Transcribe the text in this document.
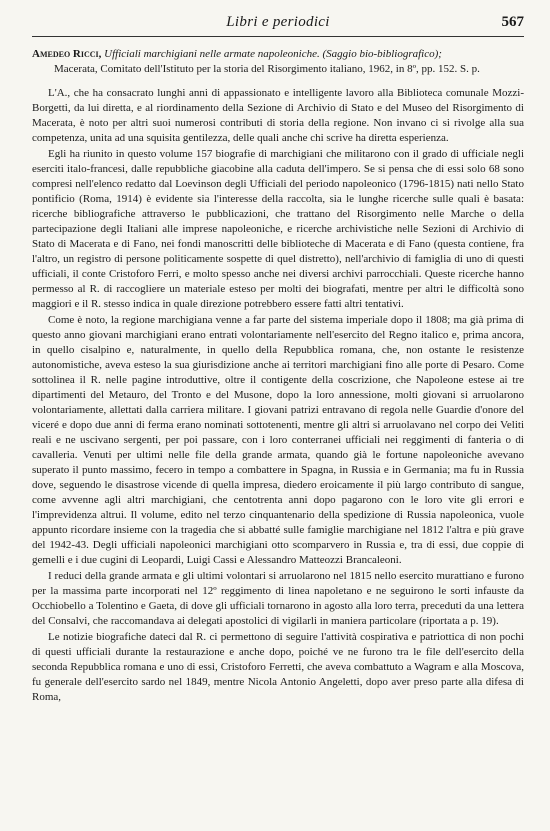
Libri e periodici	567
Amedeo Ricci, Ufficiali marchigiani nelle armate napoleoniche. (Saggio bio-bibliografico);
Macerata, Comitato dell'Istituto per la storia del Risorgimento italiano, 1962, in 8º, pp. 152. S. p.

L'A., che ha consacrato lunghi anni di appassionato e intelligente lavoro alla Biblioteca comunale Mozzi-Borgetti, da lui diretta, e al riordinamento della Sezione di Archivio di Stato e del Museo del Risorgimento di Macerata, è noto per altri suoi numerosi contributi di storia della regione. Non invano ci si rivolge alla sua competenza, unita ad una squisita gentilezza, delle quali anche chi scrive ha diretta esperienza.

Egli ha riunito in questo volume 157 biografie di marchigiani che militarono con il grado di ufficiale negli eserciti italo-francesi, dalle repubbliche giacobine alla caduta dell'impero. Se si pensa che di essi solo 68 sono compresi nell'elenco redatto dal Loevinson degli Ufficiali del periodo napoleonico (1796-1815) nati nello Stato pontificio (Roma, 1914) è evidente sia l'interesse della raccolta, sia le lunghe ricerche sulle quali è basata: ricerche bibliografiche attraverso le pubblicazioni, che trattano del Risorgimento nelle Marche o della partecipazione degli Italiani alle imprese napoleoniche, e ricerche archivistiche nelle Sezioni di Archivio di Stato di Macerata e di Fano, nei fondi manoscritti delle biblioteche di Macerata e di Fano (questa contiene, fra l'altro, un registro di persone politicamente sospette di quel distretto), nell'archivio di famiglia di uno di questi ufficiali, il conte Cristoforo Ferri, e molto spesso anche nei diversi archivi parrocchiali. Queste ricerche hanno permesso al R. di raccogliere un materiale esteso per molti dei biografati, mentre per altri le difficoltà sono maggiori e il R. stesso indica in quale direzione potrebbero essere fatti altri tentativi.

Come è noto, la regione marchigiana venne a far parte del sistema imperiale dopo il 1808; ma già prima di questo anno giovani marchigiani erano entrati volontariamente nell'esercito del Regno italico e, prima ancora, in quello cisalpino e, naturalmente, in quello della Repubblica romana, che, non ostante le resistenze autonomistiche, aveva esteso la sua giurisdizione anche ai territori marchigiani fino alle porte di Pesaro. Come sottolinea il R. nelle pagine introduttive, oltre il contigente della coscrizione, che Napoleone estese ai tre dipartimenti del Metauro, del Tronto e del Musone, dopo la loro annessione, molti giovani si arruolarono volontariamente, allettati dalla carriera militare. I giovani patrizi entravano di regola nelle Guardie d'onore del viceré e dopo due anni di ferma erano nominati sottotenenti, mentre gli altri si arruolavano nel corpo dei Veliti reali e ne uscivano sergenti, per poi passare, con i loro conterranei ufficiali nei reggimenti di fanteria o di cavalleria. Venuti per ultimi nelle file della grande armata, quando già le fortune napoleoniche avevano superato il punto massimo, fecero in tempo a combattere in Spagna, in Russia e in Germania; ma fu in Russia dove, seguendo le disastrose vicende di quella impresa, diedero eroicamente il più largo contributo di sangue, come avvenne agli altri marchigiani, che centotrenta anni dopo pagarono con le loro vite gli errori e l'imprevidenza altrui. Il volume, edito nel terzo cinquantenario della spedizione di Russia napoleonica, vuole appunto ricordare insieme con la tragedia che si abbatté sulle famiglie marchigiane nel 1812 l'altra e più grave del 1942-43. Degli ufficiali napoleonici marchigiani otto scomparvero in Russia e, tra di essi, due coppie di gemelli e i due cugini di Leopardi, Luigi Cassi e Alessandro Matteozzi Brancaleoni.

I reduci della grande armata e gli ultimi volontari si arruolarono nel 1815 nello esercito murattiano e furono per la massima parte incorporati nel 12º reggimento di linea napoletano e ne seguirono le sorti infauste da Occhiobello a Tolentino e Gaeta, di dove gli ufficiali tornarono in agosto alla loro terra, preceduti da una lettera del Consalvi, che raccomandava ai delegati apostolici di vigilarli in maniera particolare (riportata a p. 19).

Le notizie biografiche dateci dal R. ci permettono di seguire l'attività cospirativa e patriottica di non pochi di questi ufficiali durante la restaurazione e anche dopo, poiché ve ne furono tra le file dell'esercito della seconda Repubblica romana e uno di essi, Cristoforo Ferretti, che aveva combattuto a Wagram e alla Moscova, fu generale dell'esercito sardo nel 1849, mentre Nicola Antonio Angeletti, dopo aver preso parte alla difesa di Roma,
